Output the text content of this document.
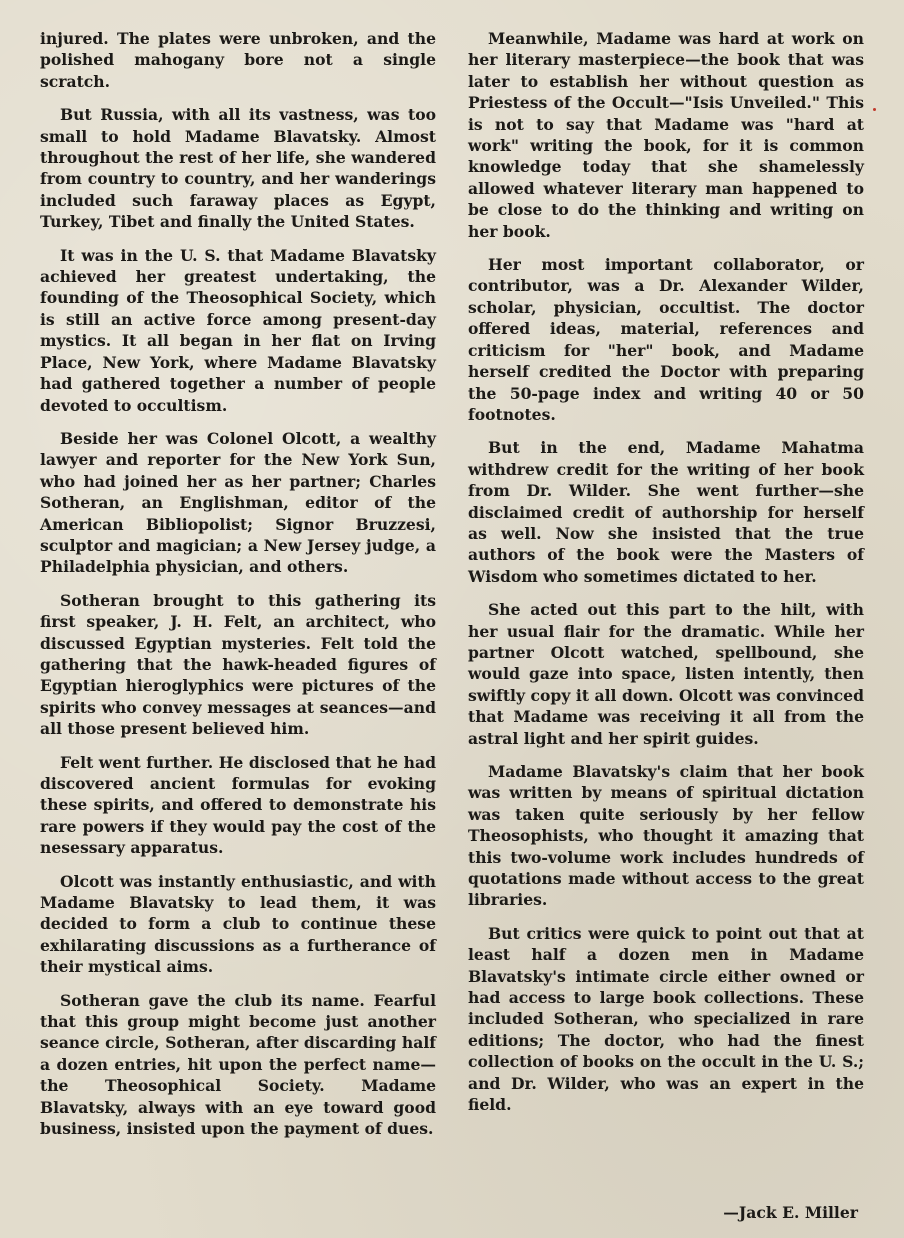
injured. The plates were unbroken, and the polished mahogany bore not a single scratch.

But Russia, with all its vastness, was too small to hold Madame Blavatsky. Almost throughout the rest of her life, she wandered from country to country, and her wanderings included such faraway places as Egypt, Turkey, Tibet and finally the United States.

It was in the U. S. that Madame Blavatsky achieved her greatest undertaking, the founding of the Theosophical Society, which is still an active force among present-day mystics. It all began in her flat on Irving Place, New York, where Madame Blavatsky had gathered together a number of people devoted to occultism.

Beside her was Colonel Olcott, a wealthy lawyer and reporter for the New York Sun, who had joined her as her partner; Charles Sotheran, an Englishman, editor of the American Bibliopolist; Signor Bruzzesi, sculptor and magician; a New Jersey judge, a Philadelphia physician, and others.

Sotheran brought to this gathering its first speaker, J. H. Felt, an architect, who discussed Egyptian mysteries. Felt told the gathering that the hawk-headed figures of Egyptian hieroglyphics were pictures of the spirits who convey messages at seances—and all those present believed him.

Felt went further. He disclosed that he had discovered ancient formulas for evoking these spirits, and offered to demonstrate his rare powers if they would pay the cost of the nesessary apparatus.

Olcott was instantly enthusiastic, and with Madame Blavatsky to lead them, it was decided to form a club to continue these exhilarating discussions as a furtherance of their mystical aims.

Sotheran gave the club its name. Fearful that this group might become just another seance circle, Sotheran, after discarding half a dozen entries, hit upon the perfect name—the Theosophical Society. Madame Blavatsky, always with an eye toward good business, insisted upon the payment of dues.

Meanwhile, Madame was hard at work on her literary masterpiece—the book that was later to establish her without question as Priestess of the Occult—"Isis Unveiled." This is not to say that Madame was "hard at work" writing the book, for it is common knowledge today that she shamelessly allowed whatever literary man happened to be close to do the thinking and writing on her book.

Her most important collaborator, or contributor, was a Dr. Alexander Wilder, scholar, physician, occultist. The doctor offered ideas, material, references and criticism for "her" book, and Madame herself credited the Doctor with preparing the 50-page index and writing 40 or 50 footnotes.

But in the end, Madame Mahatma withdrew credit for the writing of her book from Dr. Wilder. She went further—she disclaimed credit of authorship for herself as well. Now she insisted that the true authors of the book were the Masters of Wisdom who sometimes dictated to her.

She acted out this part to the hilt, with her usual flair for the dramatic. While her partner Olcott watched, spellbound, she would gaze into space, listen intently, then swiftly copy it all down. Olcott was convinced that Madame was receiving it all from the astral light and her spirit guides.

Madame Blavatsky's claim that her book was written by means of spiritual dictation was taken quite seriously by her fellow Theosophists, who thought it amazing that this two-volume work includes hundreds of quotations made without access to the great libraries.

But critics were quick to point out that at least half a dozen men in Madame Blavatsky's intimate circle either owned or had access to large book collections. These included Sotheran, who specialized in rare editions; The doctor, who had the finest collection of books on the occult in the U. S.; and Dr. Wilder, who was an expert in the field.

—Jack E. Miller
